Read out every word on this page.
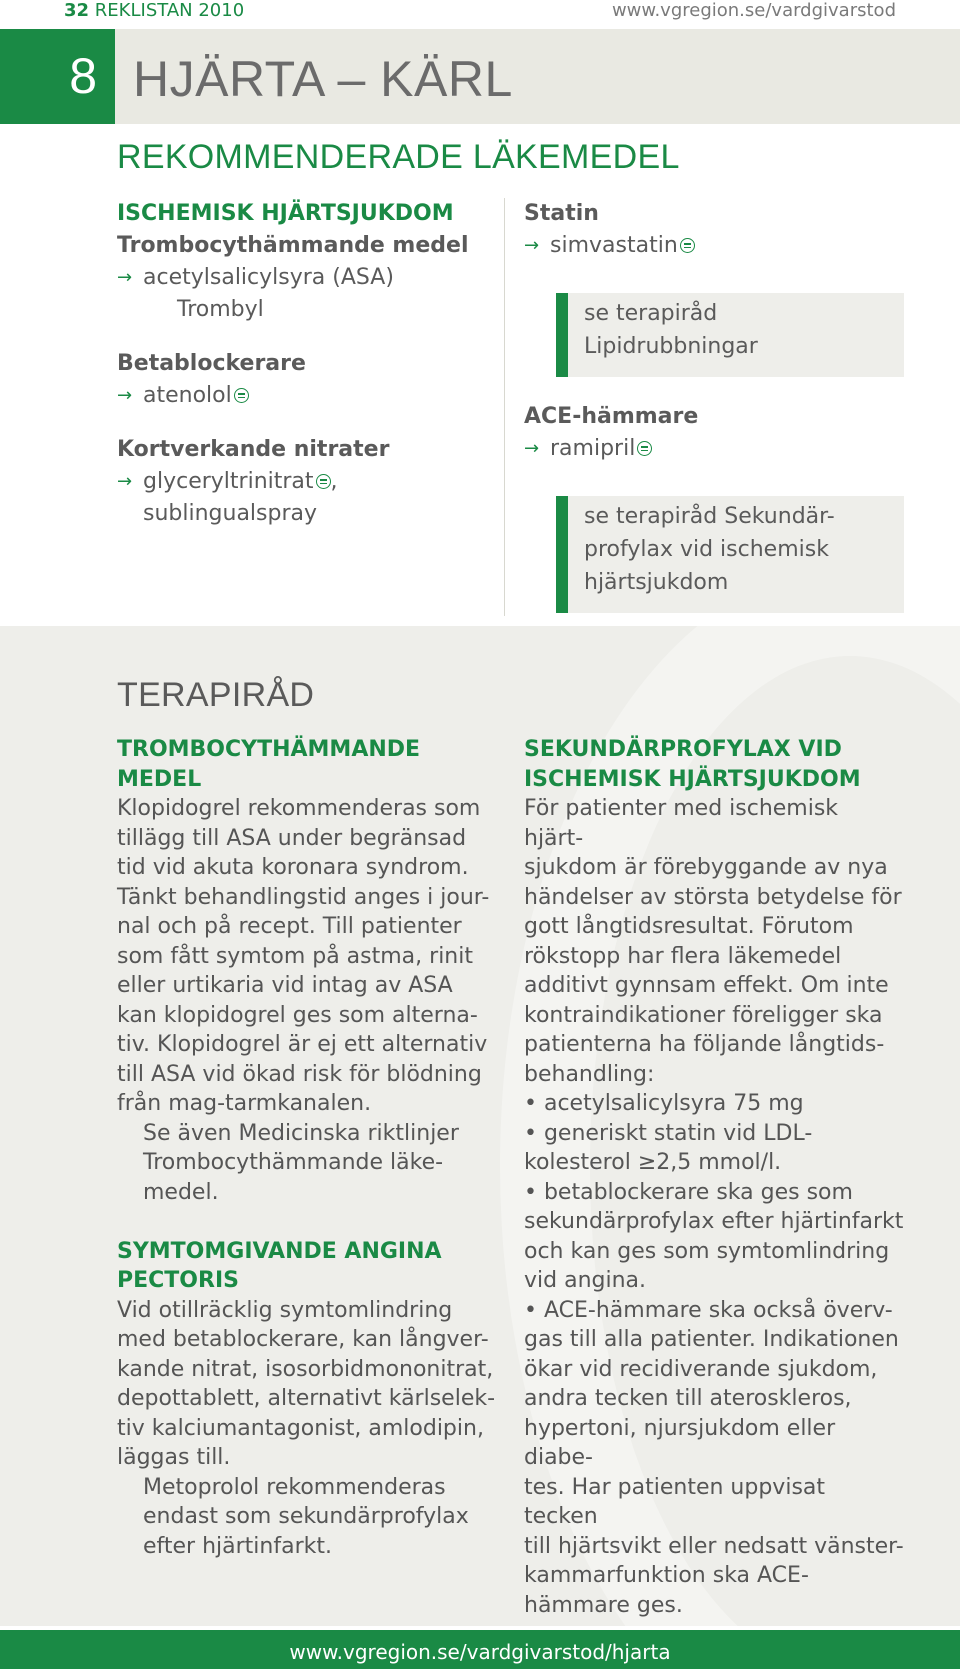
32 REKLISTAN 2010	www.vgregion.se/vardgivarstod
8 HJÄRTA – KÄRL
REKOMMENDERADE LÄKEMEDEL
ISCHEMISK HJÄRTSJUKDOM
Trombocythämmande medel
→ acetylsalicylsyra (ASA)
Trombyl
Betablockerare
→ atenolol
Kortverkande nitrater
→ glyceryltrinitrat ,
sublingualspray
Statin
→ simvastatin
se terapiråd
Lipidrubbningar
ACE-hämmare
→ ramipril
se terapiråd Sekundär-
profylax vid ischemisk
hjärtsjukdom
TERAPIRÅD
TROMBOCYTHÄMMANDE
MEDEL
Klopidogrel rekommenderas som
tillägg till ASA under begränsad
tid vid akuta koronara syndrom.
Tänkt behandlingstid anges i jour-
nal och på recept. Till patienter
som fått symtom på astma, rinit
eller urtikaria vid intag av ASA
kan klopidogrel ges som alterna-
tiv. Klopidogrel är ej ett alternativ
till ASA vid ökad risk för blödning
från mag-tarmkanalen.
Se även Medicinska riktlinjer
Trombocythämmande läke-
medel.
SYMTOMGIVANDE ANGINA
PECTORIS
Vid otillräcklig symtomlindring
med betablockerare, kan långver-
kande nitrat, isosorbidmononitrat,
depottablett, alternativt kärlselek-
tiv kalciumantagonist, amlodipin,
läggas till.
Metoprolol rekommenderas
endast som sekundärprofylax
efter hjärtinfarkt.
SEKUNDÄRPROFYLAX VID
ISCHEMISK HJÄRTSJUKDOM
För patienter med ischemisk hjärt-
sjukdom är förebyggande av nya
händelser av största betydelse för
gott långtidsresultat. Förutom
rökstopp har flera läkemedel
additivt gynnsam effekt. Om inte
kontraindikationer föreligger ska
patienterna ha följande långtids-
behandling:
• acetylsalicylsyra 75 mg
• generiskt statin vid LDL-
kolesterol ≥2,5 mmol/l.
• betablockerare ska ges som
sekundärprofylax efter hjärtinfarkt
och kan ges som symtomlindring
vid angina.
• ACE-hämmare ska också överv-
gas till alla patienter. Indikationen
ökar vid recidiverande sjukdom,
andra tecken till ateroskleros,
hypertoni, njursjukdom eller diabe-
tes. Har patienten uppvisat tecken
till hjärtsvikt eller nedsatt vänster-
kammarfunktion ska ACE-
hämmare ges.
www.vgregion.se/vardgivarstod/hjarta
